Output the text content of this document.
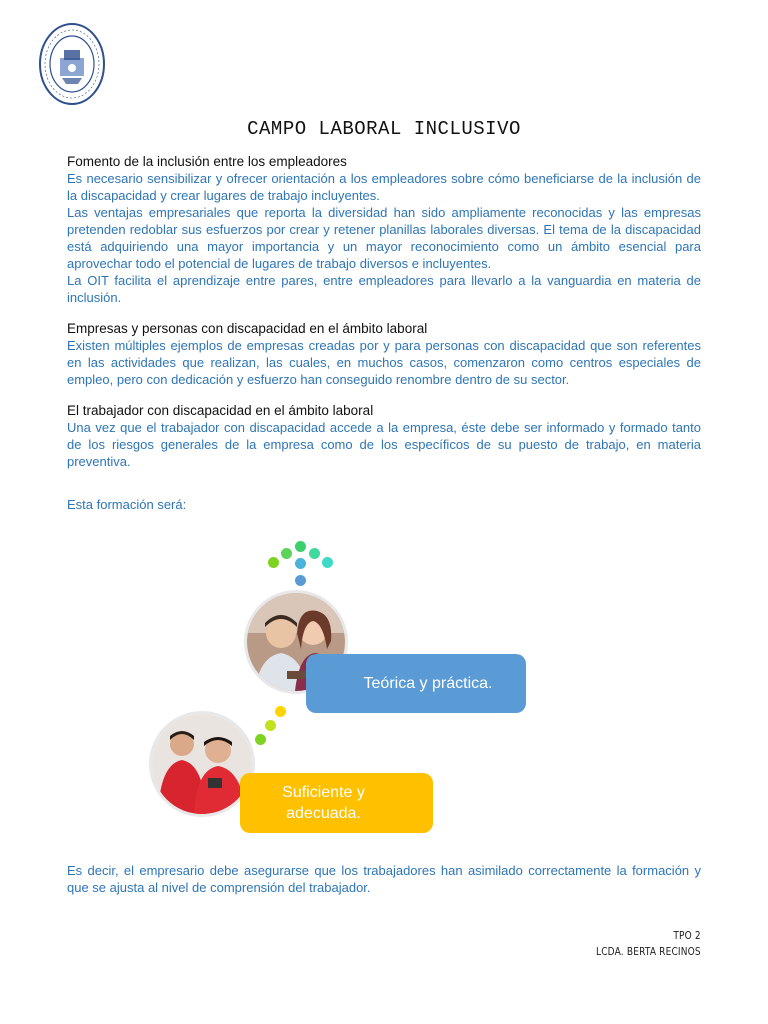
CAMPO LABORAL INCLUSIVO
Fomento de la inclusión entre los empleadores

Es necesario sensibilizar y ofrecer orientación a los empleadores sobre cómo beneficiarse de la inclusión de la discapacidad y crear lugares de trabajo incluyentes.

Las ventajas empresariales que reporta la diversidad han sido ampliamente reconocidas y las empresas pretenden redoblar sus esfuerzos por crear y retener planillas laborales diversas. El tema de la discapacidad está adquiriendo una mayor importancia y un mayor reconocimiento como un ámbito esencial para aprovechar todo el potencial de lugares de trabajo diversos e incluyentes.

La OIT facilita el aprendizaje entre pares, entre empleadores para llevarlo a la vanguardia en materia de inclusión.

Empresas y personas con discapacidad en el ámbito laboral

Existen múltiples ejemplos de empresas creadas por y para personas con discapacidad que son referentes en las actividades que realizan, las cuales, en muchos casos, comenzaron como centros especiales de empleo, pero con dedicación y esfuerzo han conseguido renombre dentro de su sector.

El trabajador con discapacidad en el ámbito laboral

Una vez que el trabajador con discapacidad accede a la empresa, éste debe ser informado y formado tanto de los riesgos generales de la empresa como de los específicos de su puesto de trabajo, en materia preventiva.

Esta formación será:
Teórica y práctica.
Suficiente y adecuada.
Es decir, el empresario debe asegurarse que los trabajadores han asimilado correctamente la formación y que se ajusta al nivel de comprensión del trabajador.
TPO 2
LCDA. BERTA RECINOS
